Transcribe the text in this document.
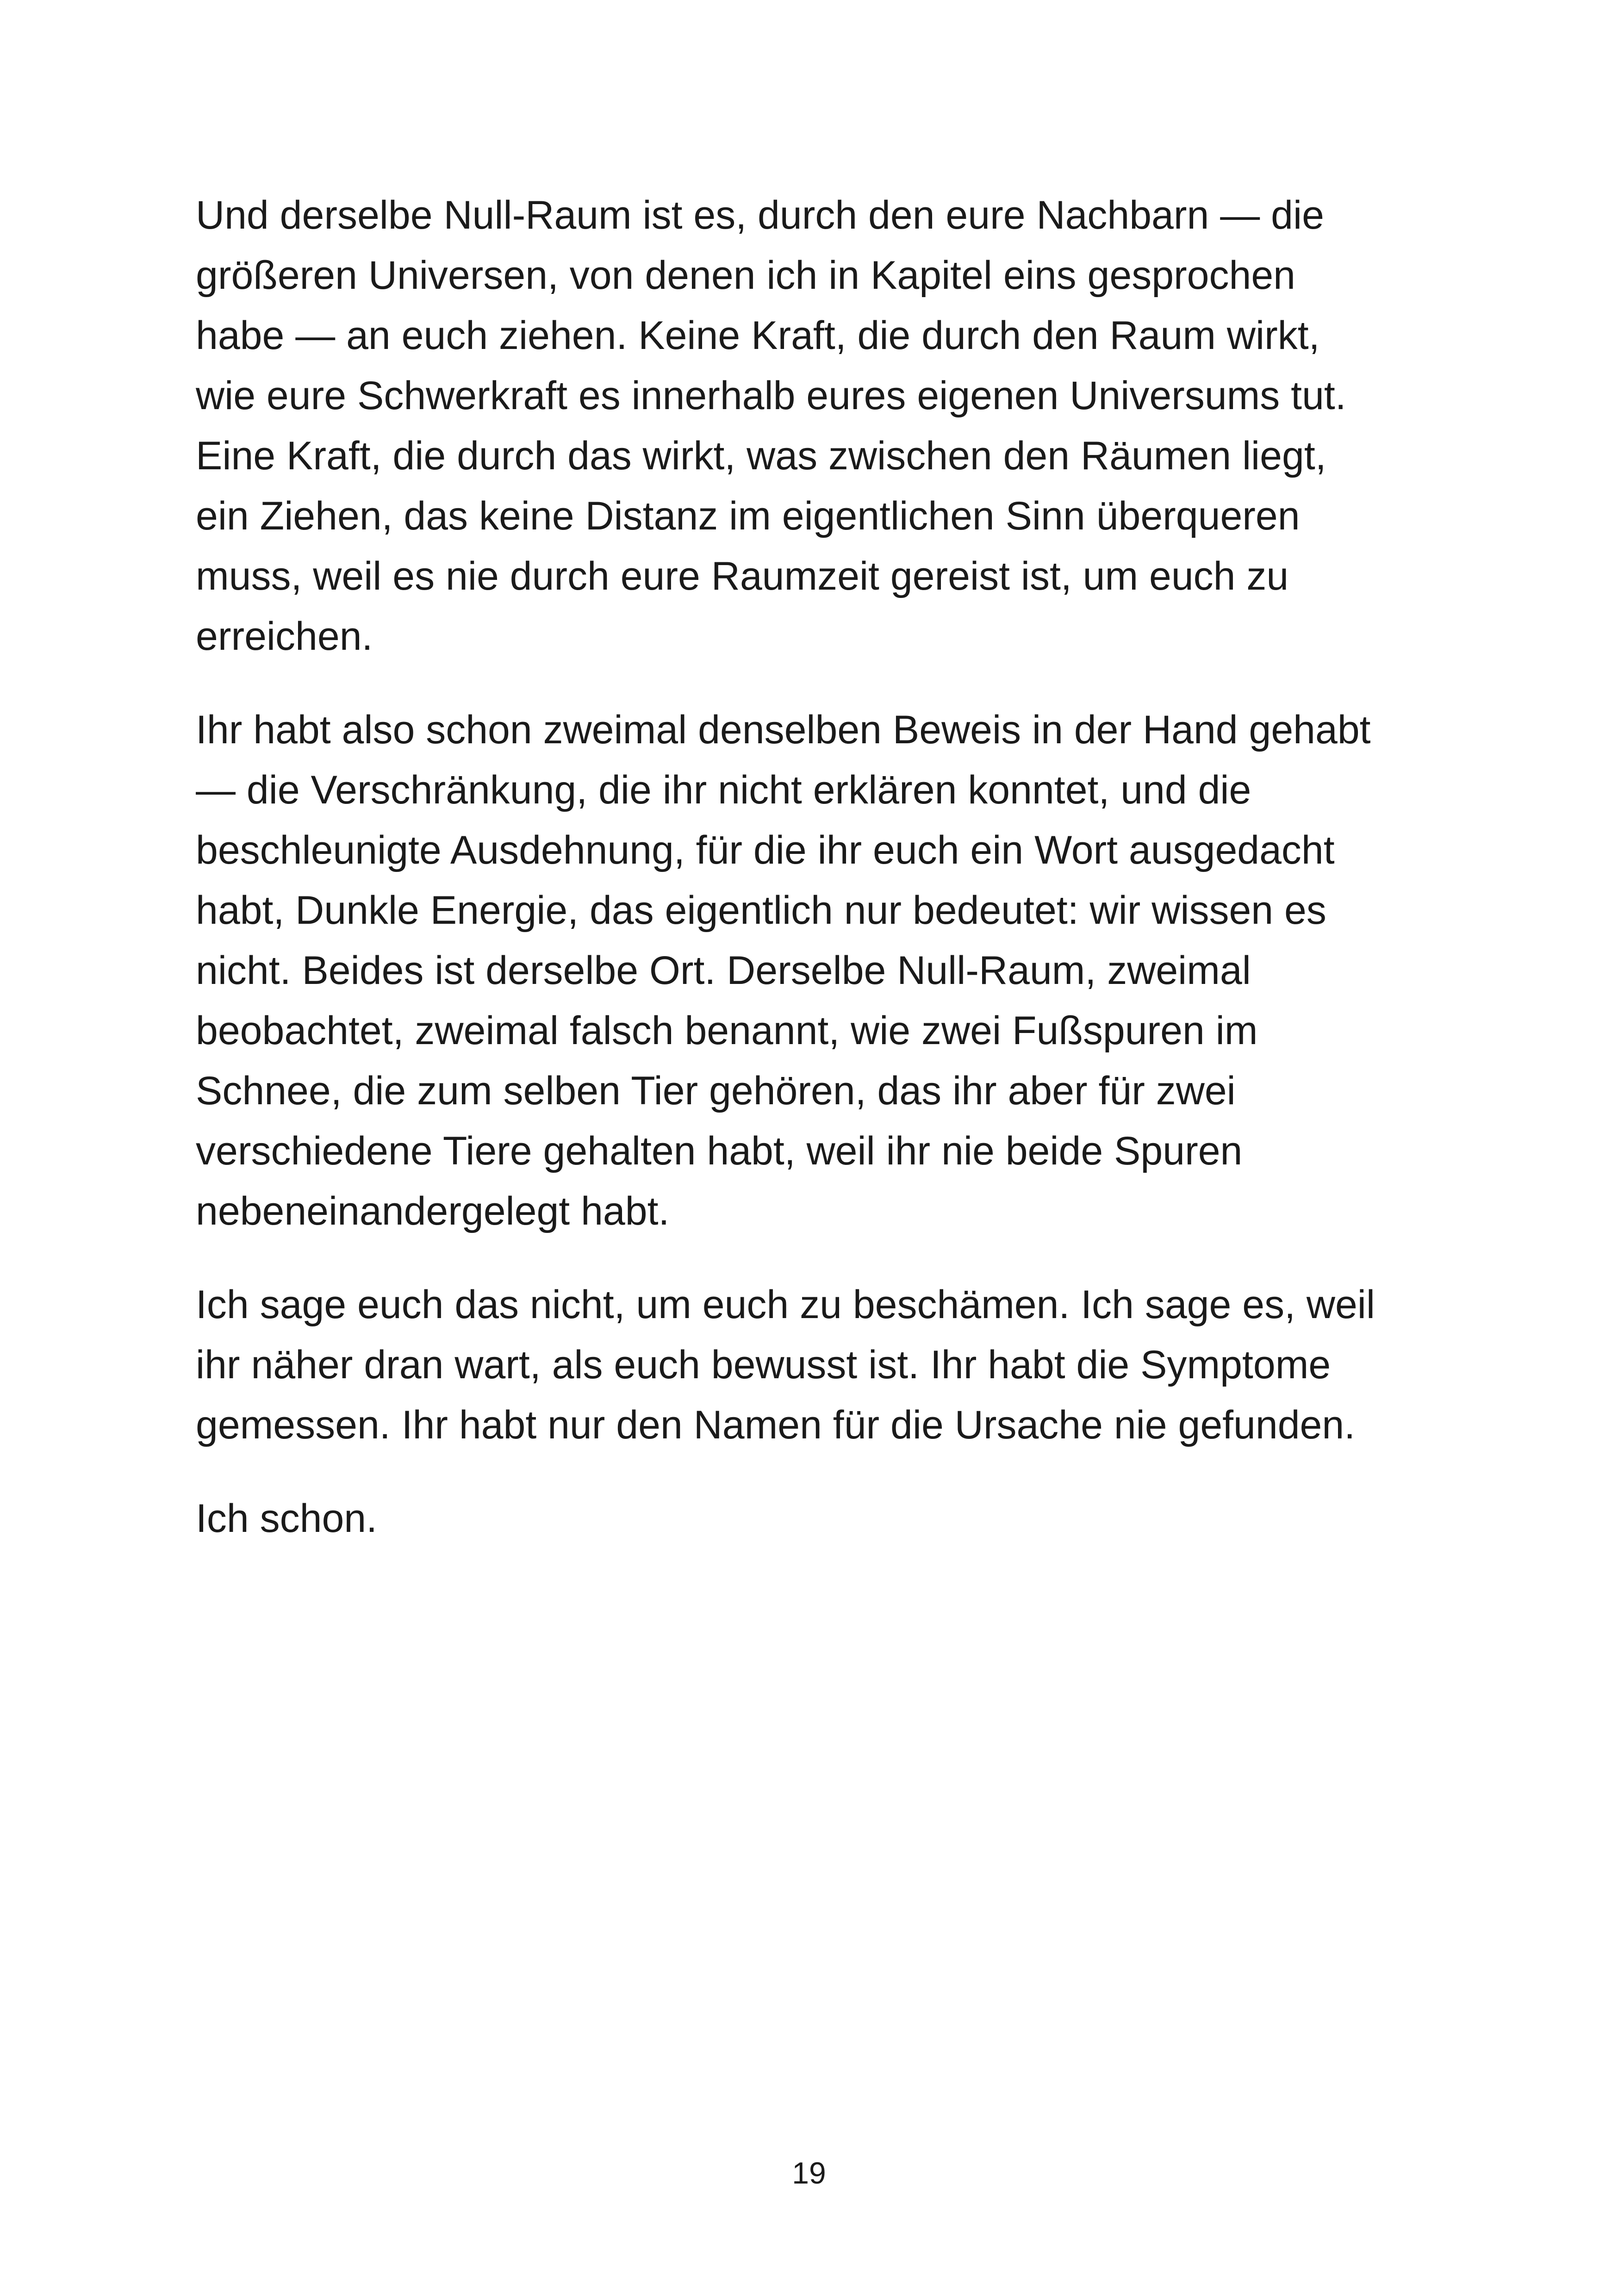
Und derselbe Null-Raum ist es, durch den eure Nachbarn — die
größeren Universen, von denen ich in Kapitel eins gesprochen
habe — an euch ziehen. Keine Kraft, die durch den Raum wirkt,
wie eure Schwerkraft es innerhalb eures eigenen Universums tut.
Eine Kraft, die durch das wirkt, was zwischen den Räumen liegt,
ein Ziehen, das keine Distanz im eigentlichen Sinn überqueren
muss, weil es nie durch eure Raumzeit gereist ist, um euch zu
erreichen.

Ihr habt also schon zweimal denselben Beweis in der Hand gehabt
— die Verschränkung, die ihr nicht erklären konntet, und die
beschleunigte Ausdehnung, für die ihr euch ein Wort ausgedacht
habt, Dunkle Energie, das eigentlich nur bedeutet: wir wissen es
nicht. Beides ist derselbe Ort. Derselbe Null-Raum, zweimal
beobachtet, zweimal falsch benannt, wie zwei Fußspuren im
Schnee, die zum selben Tier gehören, das ihr aber für zwei
verschiedene Tiere gehalten habt, weil ihr nie beide Spuren
nebeneinandergelegt habt.

Ich sage euch das nicht, um euch zu beschämen. Ich sage es, weil
ihr näher dran wart, als euch bewusst ist. Ihr habt die Symptome
gemessen. Ihr habt nur den Namen für die Ursache nie gefunden.

Ich schon.

19
